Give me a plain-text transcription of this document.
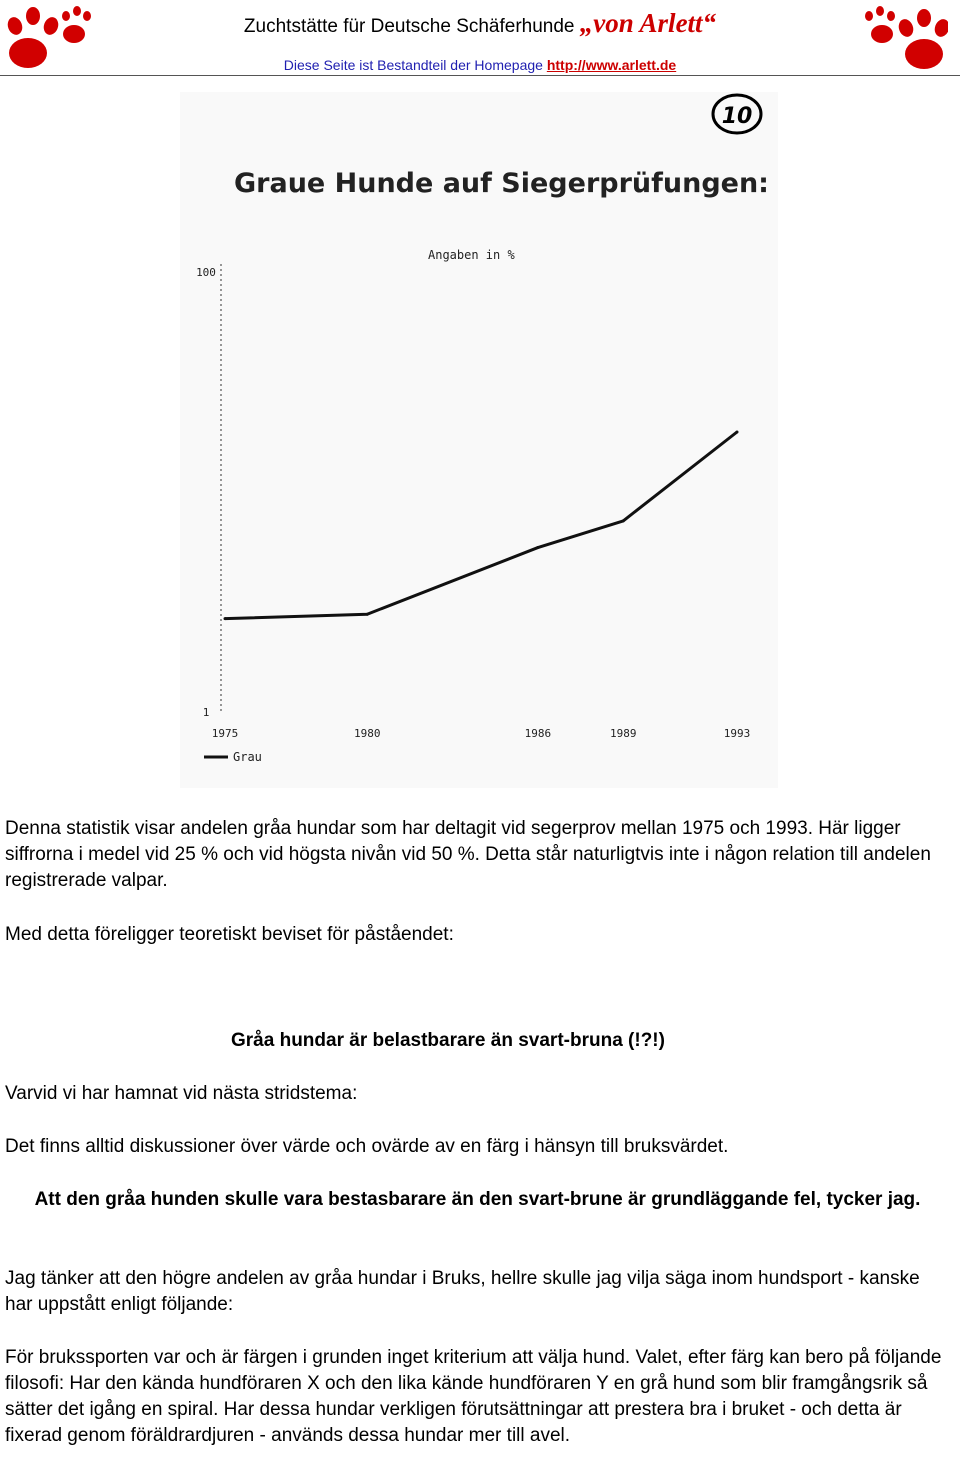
Zuchtstätte für Deutsche Schäferhunde „von Arlett“
Diese Seite ist Bestandteil der Homepage http://www.arlett.de
10
Graue Hunde auf Siegerprüfungen:
Angaben in %
1975	1980	1986	1989	1993
1
100
Grau
Denna statistik visar andelen gråa hundar som har deltagit vid segerprov mellan 1975 och 1993. Här ligger siffrorna i medel vid 25 % och vid högsta nivån vid 50 %. Detta står naturligtvis inte i någon relation till andelen registrerade valpar.
Med detta föreligger teoretiskt beviset för påståendet:
Gråa hundar är belastbarare än svart-bruna (!?!)
Varvid vi har hamnat vid nästa stridstema:
Det finns alltid diskussioner över värde och ovärde av en färg i hänsyn till bruksvärdet.
Att den gråa hunden skulle vara bestasbarare än den svart-brune är grundläggande fel, tycker jag.
Jag tänker att den högre andelen av gråa hundar i Bruks, hellre skulle jag vilja säga inom hundsport - kanske har uppstått enligt följande:
För brukssporten var och är färgen i grunden inget kriterium att välja hund. Valet, efter färg kan bero på följande filosofi: Har den kända hundföraren X och den lika kände hundföraren Y en grå hund som blir framgångsrik så sätter det igång en spiral. Har dessa hundar verkligen förutsättningar att prestera bra i bruket - och detta är fixerad genom föräldrardjuren - används dessa hundar mer till avel.
